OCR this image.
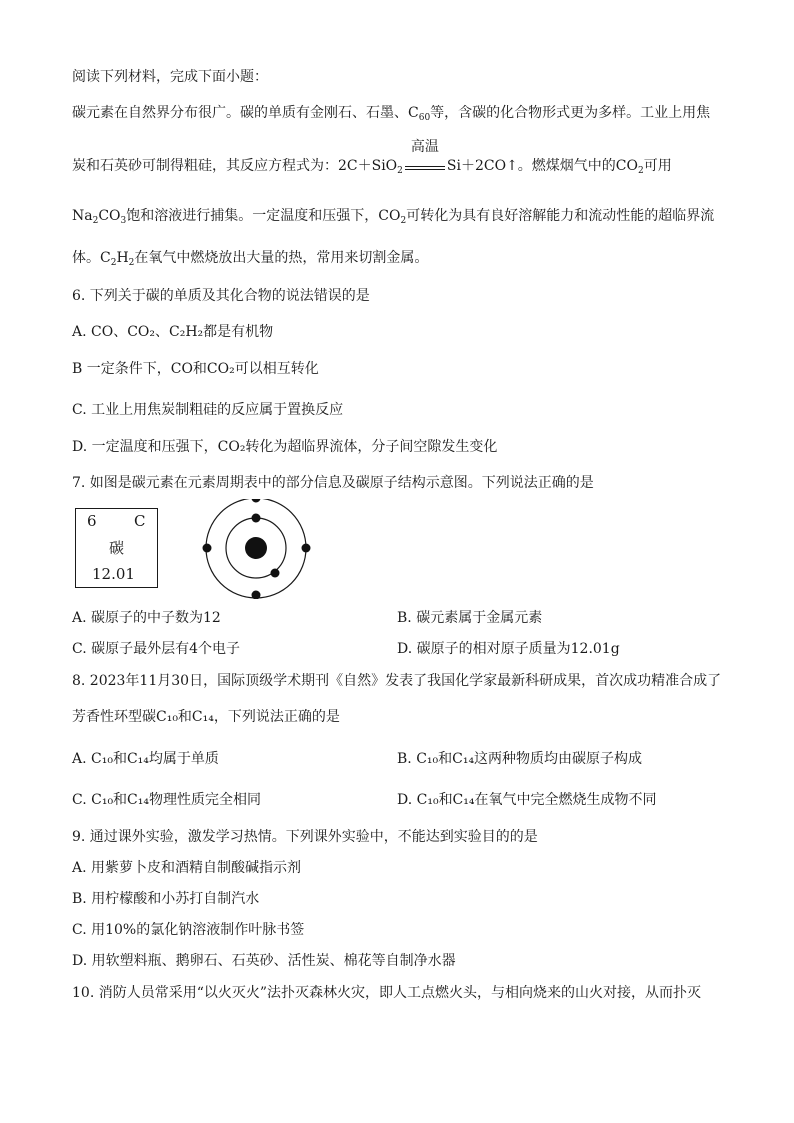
阅读下列材料，完成下面小题：
碳元素在自然界分布很广。碳的单质有金刚石、石墨、$C_{60}$等，含碳的化合物形式更为多样。工业上用焦
炭和石英砂可制得粗硅，其反应方程式为：2C＋SiO$_2$
高温
Si＋2CO↑。燃煤烟气中的$CO_2$可用
$Na_2CO_3$饱和溶液进行捕集。一定温度和压强下，$CO_2$可转化为具有良好溶解能力和流动性能的超临界流
体。$C_2H_2$在氧气中燃烧放出大量的热，常用来切割金属。
6. 下列关于碳的单质及其化合物的说法错误的是
A. CO、CO₂、C₂H₂都是有机物
B 一定条件下，CO和CO₂可以相互转化
C. 工业上用焦炭制粗硅的反应属于置换反应
D. 一定温度和压强下，CO₂转化为超临界流体，分子间空隙发生变化
7. 如图是碳元素在元素周期表中的部分信息及碳原子结构示意图。下列说法正确的是
6 C
碳
12.01
A. 碳原子的中子数为12	B. 碳元素属于金属元素
C. 碳原子最外层有4个电子	D. 碳原子的相对原子质量为12.01g
8. 2023年11月30日，国际顶级学术期刊《自然》发表了我国化学家最新科研成果，首次成功精准合成了
芳香性环型碳C₁₀和C₁₄，下列说法正确的是
A. C₁₀和C₁₄均属于单质	B. C₁₀和C₁₄这两种物质均由碳原子构成
C. C₁₀和C₁₄物理性质完全相同	D. C₁₀和C₁₄在氧气中完全燃烧生成物不同
9. 通过课外实验，激发学习热情。下列课外实验中，不能达到实验目的的是
A. 用紫萝卜皮和酒精自制酸碱指示剂
B. 用柠檬酸和小苏打自制汽水
C. 用10%的氯化钠溶液制作叶脉书签
D. 用软塑料瓶、鹅卵石、石英砂、活性炭、棉花等自制净水器
10. 消防人员常采用“以火灭火”法扑灭森林火灾，即人工点燃火头，与相向烧来的山火对接，从而扑灭
